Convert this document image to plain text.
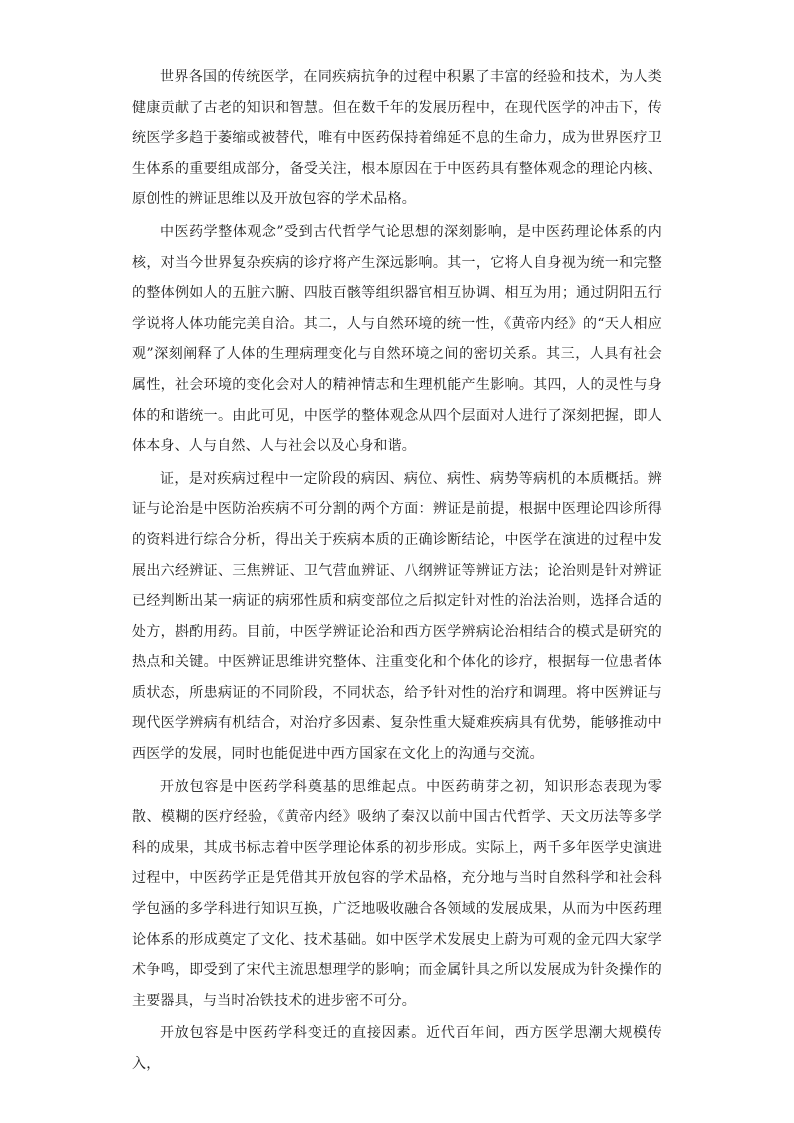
世界各国的传统医学，在同疾病抗争的过程中积累了丰富的经验和技术，为人类健康贡献了古老的知识和智慧。但在数千年的发展历程中，在现代医学的冲击下，传统医学多趋于萎缩或被替代，唯有中医药保持着绵延不息的生命力，成为世界医疗卫生体系的重要组成部分，备受关注，根本原因在于中医药具有整体观念的理论内核、原创性的辨证思维以及开放包容的学术品格。

中医药学整体观念”受到古代哲学气论思想的深刻影响，是中医药理论体系的内核，对当今世界复杂疾病的诊疗将产生深远影响。其一，它将人自身视为统一和完整的整体例如人的五脏六腑、四肢百骸等组织器官相互协调、相互为用；通过阴阳五行学说将人体功能完美自洽。其二，人与自然环境的统一性，《黄帝内经》的“天人相应观”深刻阐释了人体的生理病理变化与自然环境之间的密切关系。其三，人具有社会属性，社会环境的变化会对人的精神情志和生理机能产生影响。其四，人的灵性与身体的和谐统一。由此可见，中医学的整体观念从四个层面对人进行了深刻把握，即人体本身、人与自然、人与社会以及心身和谐。

证，是对疾病过程中一定阶段的病因、病位、病性、病势等病机的本质概括。辨证与论治是中医防治疾病不可分割的两个方面：辨证是前提，根据中医理论四诊所得的资料进行综合分析，得出关于疾病本质的正确诊断结论，中医学在演进的过程中发展出六经辨证、三焦辨证、卫气营血辨证、八纲辨证等辨证方法；论治则是针对辨证已经判断出某一病证的病邪性质和病变部位之后拟定针对性的治法治则，选择合适的处方，斟酌用药。目前，中医学辨证论治和西方医学辨病论治相结合的模式是研究的热点和关键。中医辨证思维讲究整体、注重变化和个体化的诊疗，根据每一位患者体质状态，所患病证的不同阶段，不同状态，给予针对性的治疗和调理。将中医辨证与现代医学辨病有机结合，对治疗多因素、复杂性重大疑难疾病具有优势，能够推动中西医学的发展，同时也能促进中西方国家在文化上的沟通与交流。

开放包容是中医药学科奠基的思维起点。中医药萌芽之初，知识形态表现为零散、模糊的医疗经验，《黄帝内经》吸纳了秦汉以前中国古代哲学、天文历法等多学科的成果，其成书标志着中医学理论体系的初步形成。实际上，两千多年医学史演进过程中，中医药学正是凭借其开放包容的学术品格，充分地与当时自然科学和社会科学包涵的多学科进行知识互换，广泛地吸收融合各领域的发展成果，从而为中医药理论体系的形成奠定了文化、技术基础。如中医学术发展史上蔚为可观的金元四大家学术争鸣，即受到了宋代主流思想理学的影响；而金属针具之所以发展成为针灸操作的主要器具，与当时冶铁技术的进步密不可分。

开放包容是中医药学科变迁的直接因素。近代百年间，西方医学思潮大规模传入，
